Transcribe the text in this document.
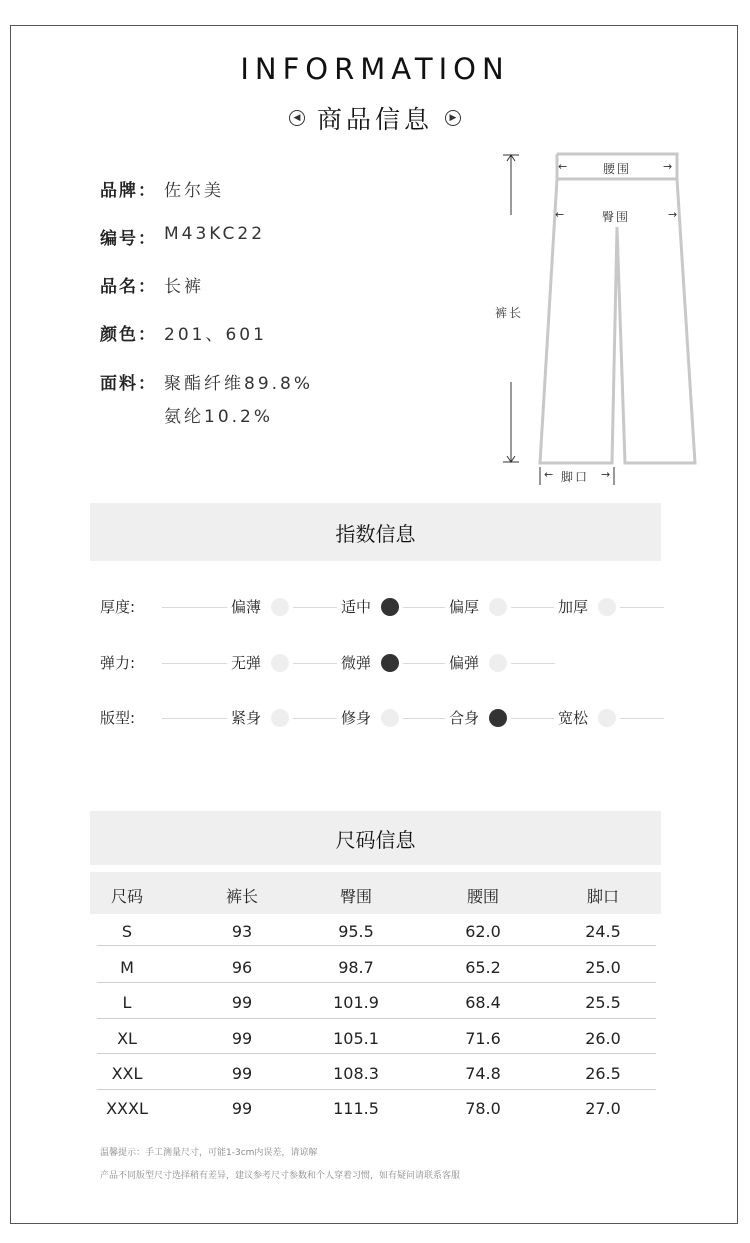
INFORMATION
◀ 商品信息	▶
品牌： 佐尔美
编号： M43KC22
品名： 长裤
颜色： 201、601
面料： 聚酯纤维89.8%
氨纶10.2%
←	腰围	→
←	臀围	→
裤长
← 脚口 →
指数信息
厚度:	偏薄	适中	偏厚	加厚
弹力:	无弹	微弹	偏弹
版型:	紧身	修身	合身	宽松
尺码信息
尺码	裤长	臀围	腰围	脚口
S	93	95.5	62.0	24.5
M	96	98.7	65.2	25.0
L	99	101.9	68.4	25.5
XL	99	105.1	71.6	26.0
XXL	99	108.3	74.8	26.5
XXXL	99	111.5	78.0	27.0
温馨提示：手工测量尺寸，可能1-3cm内误差，请谅解
产品不同版型尺寸选择稍有差异，建议参考尺寸参数和个人穿着习惯，如有疑问请联系客服
